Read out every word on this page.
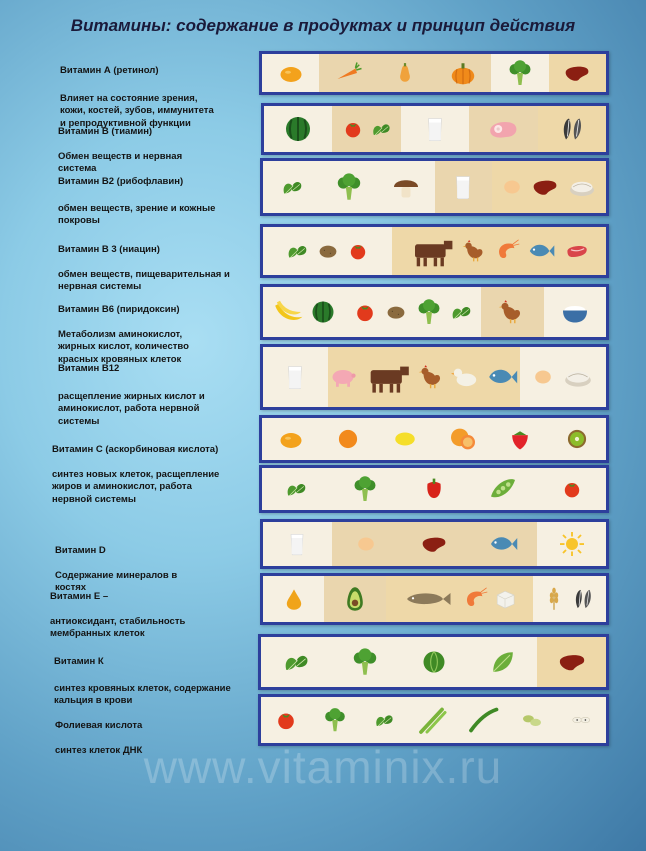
Витамины: содержание в продуктах и принцип действия

Витамин А (ретинол)

Влияет на состояние зрения,
кожи, костей, зубов, иммунитета
и репродуктивной функции

Витамин В (тиамин)

Обмен веществ и нервная
система

Витамин В2 (рибофлавин)

обмен веществ, зрение и кожные
покровы

Витамин В 3 (ниацин)

обмен веществ, пищеварительная и
нервная системы

Витамин В6 (пиридоксин)

Метаболизм аминокислот,
жирных кислот, количество
красных кровяных клеток

Витамин В12

расщепление жирных кислот и
аминокислот, работа нервной
системы

Витамин С (аскорбиновая кислота)

синтез новых клеток, расщепление
жиров и аминокислот, работа
нервной системы

Витамин D

Содержание минералов в
костях

Витамин Е –

антиоксидант, стабильность
мембранных клеток

Витамин К

синтез кровяных клеток, содержание
кальция в крови

Фолиевая кислота

синтез клеток ДНК www.vitaminix.ru
